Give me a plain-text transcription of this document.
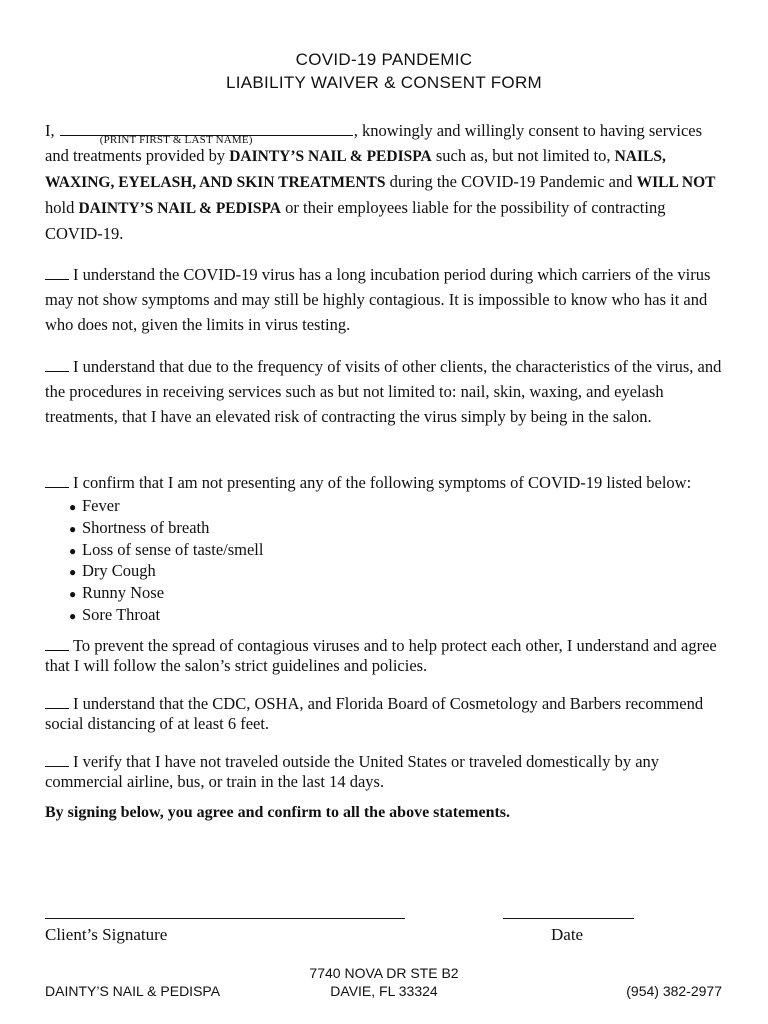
COVID-19 PANDEMIC
LIABILITY WAIVER & CONSENT FORM

I,	(PRINT FIRST & LAST NAME)	, knowingly and willingly consent to having services and treatments provided by DAINTY’S NAIL & PEDISPA such as, but not limited to, NAILS, WAXING, EYELASH, AND SKIN TREATMENTS during the COVID-19 Pandemic and WILL NOT hold DAINTY’S NAIL & PEDISPA or their employees liable for the possibility of contracting COVID-19.

I understand the COVID-19 virus has a long incubation period during which carriers of the virus may not show symptoms and may still be highly contagious. It is impossible to know who has it and who does not, given the limits in virus testing.

I understand that due to the frequency of visits of other clients, the characteristics of the virus, and the procedures in receiving services such as but not limited to: nail, skin, waxing, and eyelash treatments, that I have an elevated risk of contracting the virus simply by being in the salon.

I confirm that I am not presenting any of the following symptoms of COVID-19 listed below:

● Fever
● Shortness of breath
● Loss of sense of taste/smell
● Dry Cough
● Runny Nose
● Sore Throat

To prevent the spread of contagious viruses and to help protect each other, I understand and agree that I will follow the salon’s strict guidelines and policies.

I understand that the CDC, OSHA, and Florida Board of Cosmetology and Barbers recommend social distancing of at least 6 feet.

I verify that I have not traveled outside the United States or traveled domestically by any commercial airline, bus, or train in the last 14 days.

By signing below, you agree and confirm to all the above statements.
Client’s Signature	Date
DAINTY’S NAIL & PEDISPA
7740 NOVA DR STE B2
DAVIE, FL 33324	(954) 382-2977
